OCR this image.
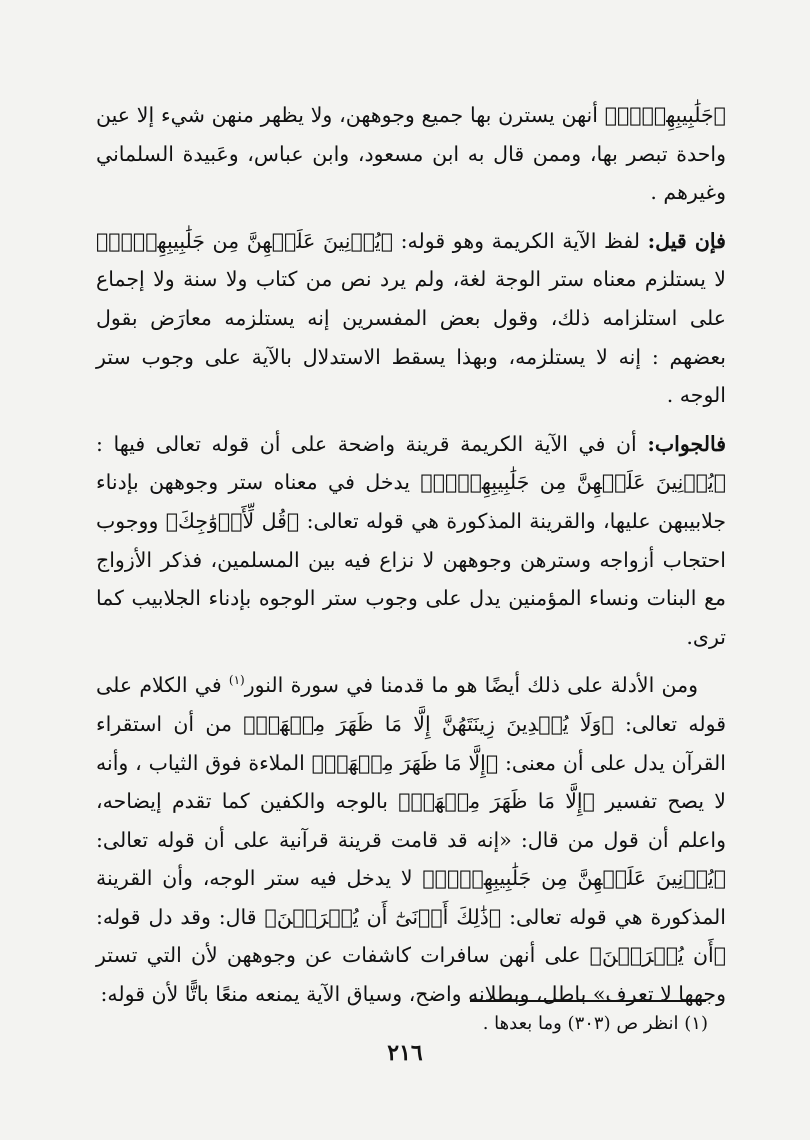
﴿جَلَٰبِيبِهِنَّۚ﴾ أنهن يسترن بها جميع وجوههن، ولا يظهر منهن شيء إلا عين واحدة تبصر بها، وممن قال به ابن مسعود، وابن عباس، وعَبيدة السلماني وغيرهم .

فإن قيل: لفظ الآية الكريمة وهو قوله: ﴿يُدۡنِينَ عَلَيۡهِنَّ مِن جَلَٰبِيبِهِنَّۚ﴾ لا يستلزم معناه ستر الوجة لغة، ولم يرد نص من كتاب ولا سنة ولا إجماع على استلزامه ذلك، وقول بعض المفسرين إنه يستلزمه معارَض بقول بعضهم : إنه لا يستلزمه، وبهذا يسقط الاستدلال بالآية على وجوب ستر الوجه .

فالجواب: أن في الآية الكريمة قرينة واضحة على أن قوله تعالى فيها : ﴿يُدۡنِينَ عَلَيۡهِنَّ مِن جَلَٰبِيبِهِنَّۚ﴾ يدخل في معناه ستر وجوههن بإدناء جلابيبهن عليها، والقرينة المذكورة هي قوله تعالى: ﴿قُل لِّأَزۡوَٰجِكَ﴾ ووجوب احتجاب أزواجه وسترهن وجوههن لا نزاع فيه بين المسلمين، فذكر الأزواج مع البنات ونساء المؤمنين يدل على وجوب ستر الوجوه بإدناء الجلابيب كما ترى.

ومن الأدلة على ذلك أيضًا هو ما قدمنا في سورة النور$^{(١)}$ في الكلام على قوله تعالى: ﴿وَلَا يُبۡدِينَ زِينَتَهُنَّ إِلَّا مَا ظَهَرَ مِنۡهَاۖ﴾ من أن استقراء القرآن يدل على أن معنى: ﴿إِلَّا مَا ظَهَرَ مِنۡهَاۖ﴾ الملاءة فوق الثياب ، وأنه لا يصح تفسير ﴿إِلَّا مَا ظَهَرَ مِنۡهَاۖ﴾ بالوجه والكفين كما تقدم إيضاحه، واعلم أن قول من قال: «إنه قد قامت قرينة قرآنية على أن قوله تعالى: ﴿يُدۡنِينَ عَلَيۡهِنَّ مِن جَلَٰبِيبِهِنَّۚ﴾ لا يدخل فيه ستر الوجه، وأن القرينة المذكورة هي قوله تعالى: ﴿ذَٰلِكَ أَدۡنَىٰٓ أَن يُعۡرَفۡنَ﴾ قال: وقد دل قوله: ﴿أَن يُعۡرَفۡنَ﴾ على أنهن سافرات كاشفات عن وجوههن لأن التي تستر وجهها لا تعرف» باطل، وبطلانه واضح، وسياق الآية يمنعه منعًا باتًّا لأن قوله:

(١) انظر ص (٣٠٣) وما بعدها .
٢١٦
